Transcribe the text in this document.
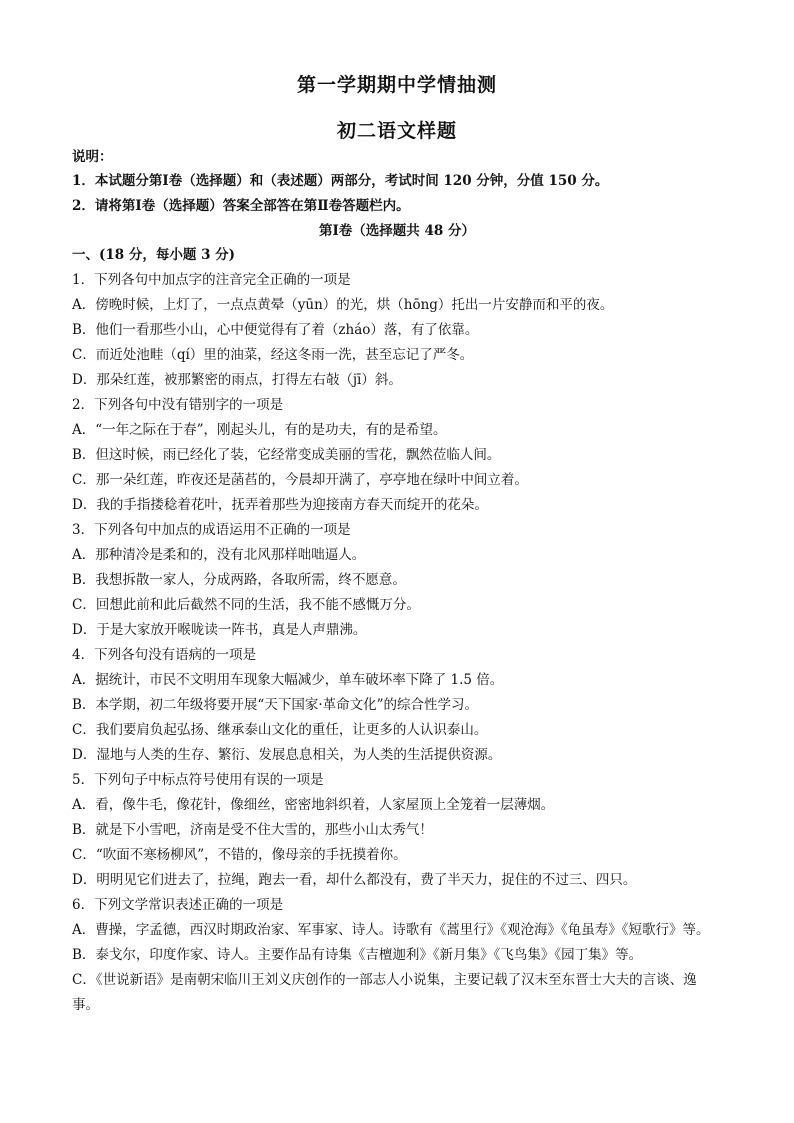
第一学期期中学情抽测
初二语文样题
说明：
1．本试题分第Ⅰ卷（选择题）和（表述题）两部分，考试时间 120 分钟，分值 150 分。
2．请将第Ⅰ卷（选择题）答案全部答在第Ⅱ卷答题栏内。
第Ⅰ卷（选择题共 48 分）
一、(18 分，每小题 3 分)
1．下列各句中加点字的注音完全正确的一项是
A．傍晚时候，上灯了，一点点黄晕（yūn）的光，烘（hōng）托出一片安静而和平的夜。
B．他们一看那些小山，心中便觉得有了着（zháo）落，有了依靠。
C．而近处池畦（qí）里的油菜，经这冬雨一洗，甚至忘记了严冬。
D．那朵红莲，被那繁密的雨点，打得左右敧（jī）斜。
2．下列各句中没有错别字的一项是
A．“一年之际在于春”，刚起头儿，有的是功夫，有的是希望。
B．但这时候，雨已经化了装，它经常变成美丽的雪花，飘然莅临人间。
C．那一朵红莲，昨夜还是菡萏的，今晨却开满了，亭亭地在绿叶中间立着。
D．我的手指搂稔着花叶，抚弄着那些为迎接南方春天而绽开的花朵。
3．下列各句中加点的成语运用不正确的一项是
A．那种清冷是柔和的，没有北风那样咄咄逼人。
B．我想拆散一家人，分成两路，各取所需，终不愿意。
C．回想此前和此后截然不同的生活，我不能不感慨万分。
D．于是大家放开喉咙读一阵书，真是人声鼎沸。
4．下列各句没有语病的一项是
A．据统计，市民不文明用车现象大幅减少，单车破坏率下降了 1.5 倍。
B．本学期，初二年级将要开展“天下国家·革命文化”的综合性学习。
C．我们要肩负起弘扬、继承泰山文化的重任，让更多的人认识泰山。
D．湿地与人类的生存、繁衍、发展息息相关，为人类的生活提供资源。
5．下列句子中标点符号使用有误的一项是
A．看，像牛毛，像花针，像细丝，密密地斜织着，人家屋顶上全笼着一层薄烟。
B．就是下小雪吧，济南是受不住大雪的，那些小山太秀气！
C．“吹面不寒杨柳风”，不错的，像母亲的手抚摸着你。
D．明明见它们进去了，拉绳，跑去一看，却什么都没有，费了半天力，捉住的不过三、四只。
6．下列文学常识表述正确的一项是
A．曹操，字孟德，西汉时期政治家、军事家、诗人。诗歌有《蒿里行》《观沧海》《龟虽寿》《短歌行》等。
B．泰戈尔，印度作家、诗人。主要作品有诗集《吉檀迦利》《新月集》《飞鸟集》《园丁集》等。
C．《世说新语》是南朝宋临川王刘义庆创作的一部志人小说集，主要记载了汉末至东晋士大夫的言谈、逸
事。
